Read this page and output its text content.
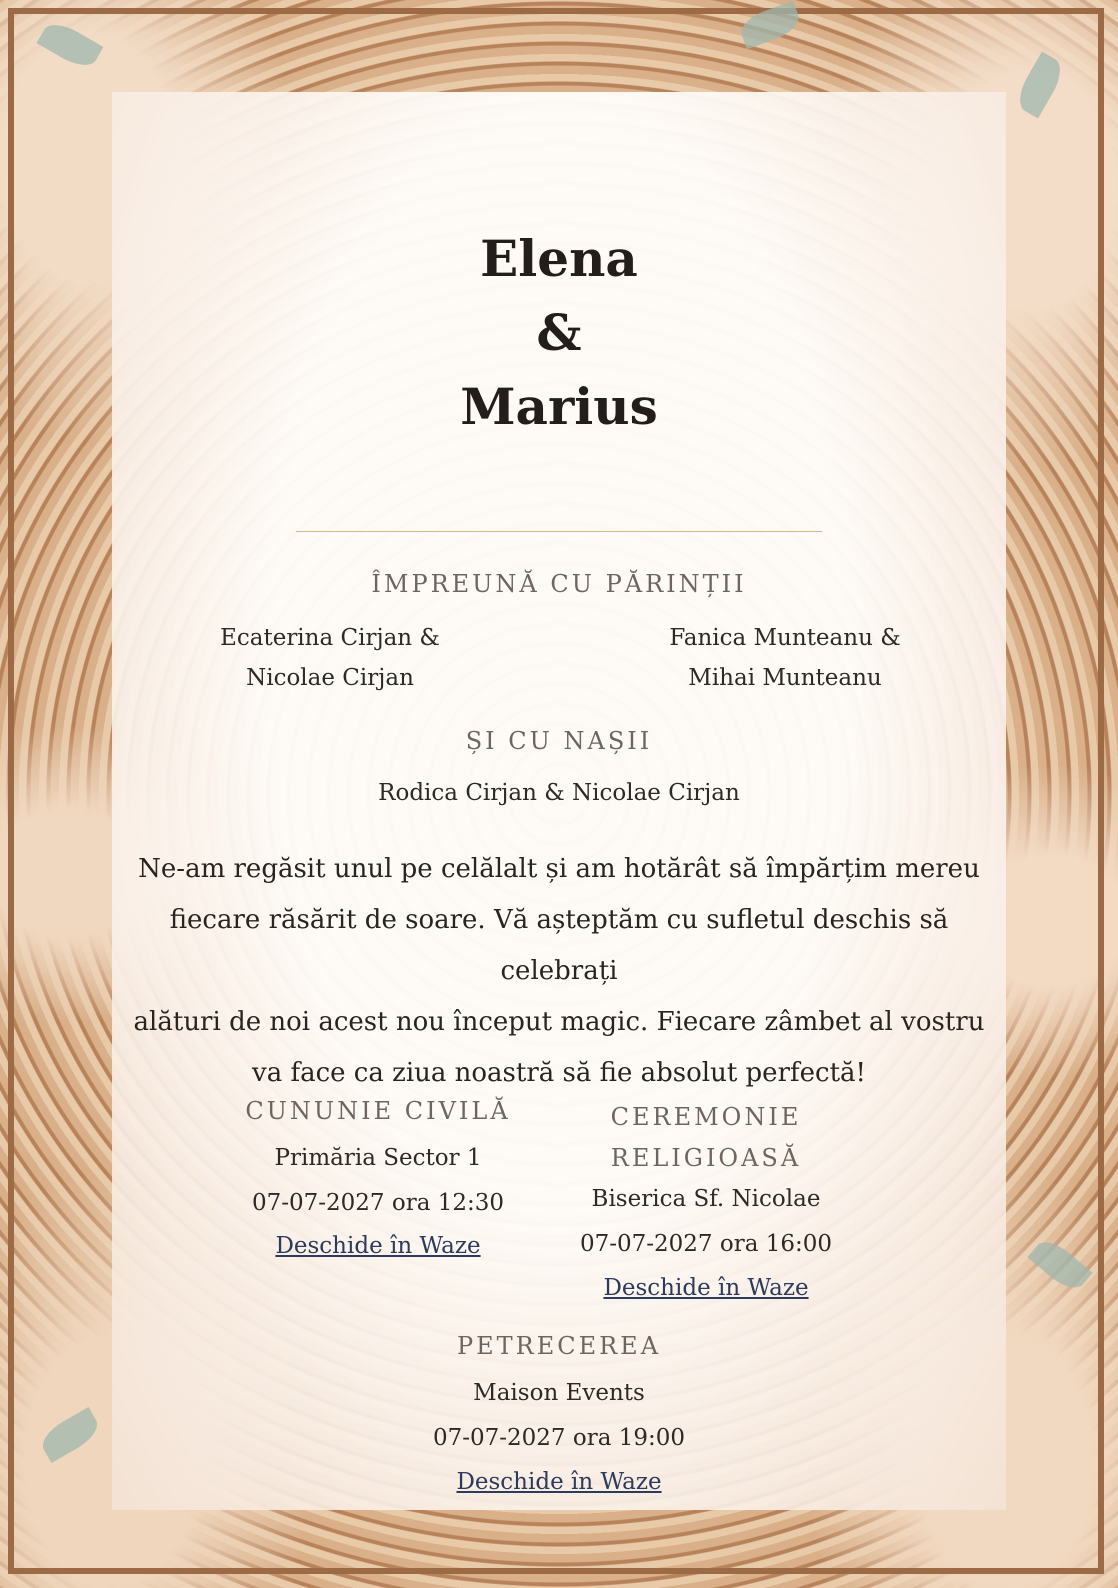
Elena
&
Marius
ÎMPREUNĂ CU PĂRINȚII
Ecaterina Cirjan &
Nicolae Cirjan
Fanica Munteanu &
Mihai Munteanu
ȘI CU NAȘII
Rodica Cirjan & Nicolae Cirjan
Ne-am regăsit unul pe celălalt și am hotărât să împărțim mereu
fiecare răsărit de soare. Vă așteptăm cu sufletul deschis să celebrați
alături de noi acest nou început magic. Fiecare zâmbet al vostru
va face ca ziua noastră să fie absolut perfectă!
CUNUNIE CIVILĂ
Primăria Sector 1
07-07-2027 ora 12:30
Deschide în Waze
CEREMONIE
RELIGIOASĂ
Biserica Sf. Nicolae
07-07-2027 ora 16:00
Deschide în Waze
PETRECEREA
Maison Events
07-07-2027 ora 19:00
Deschide în Waze
